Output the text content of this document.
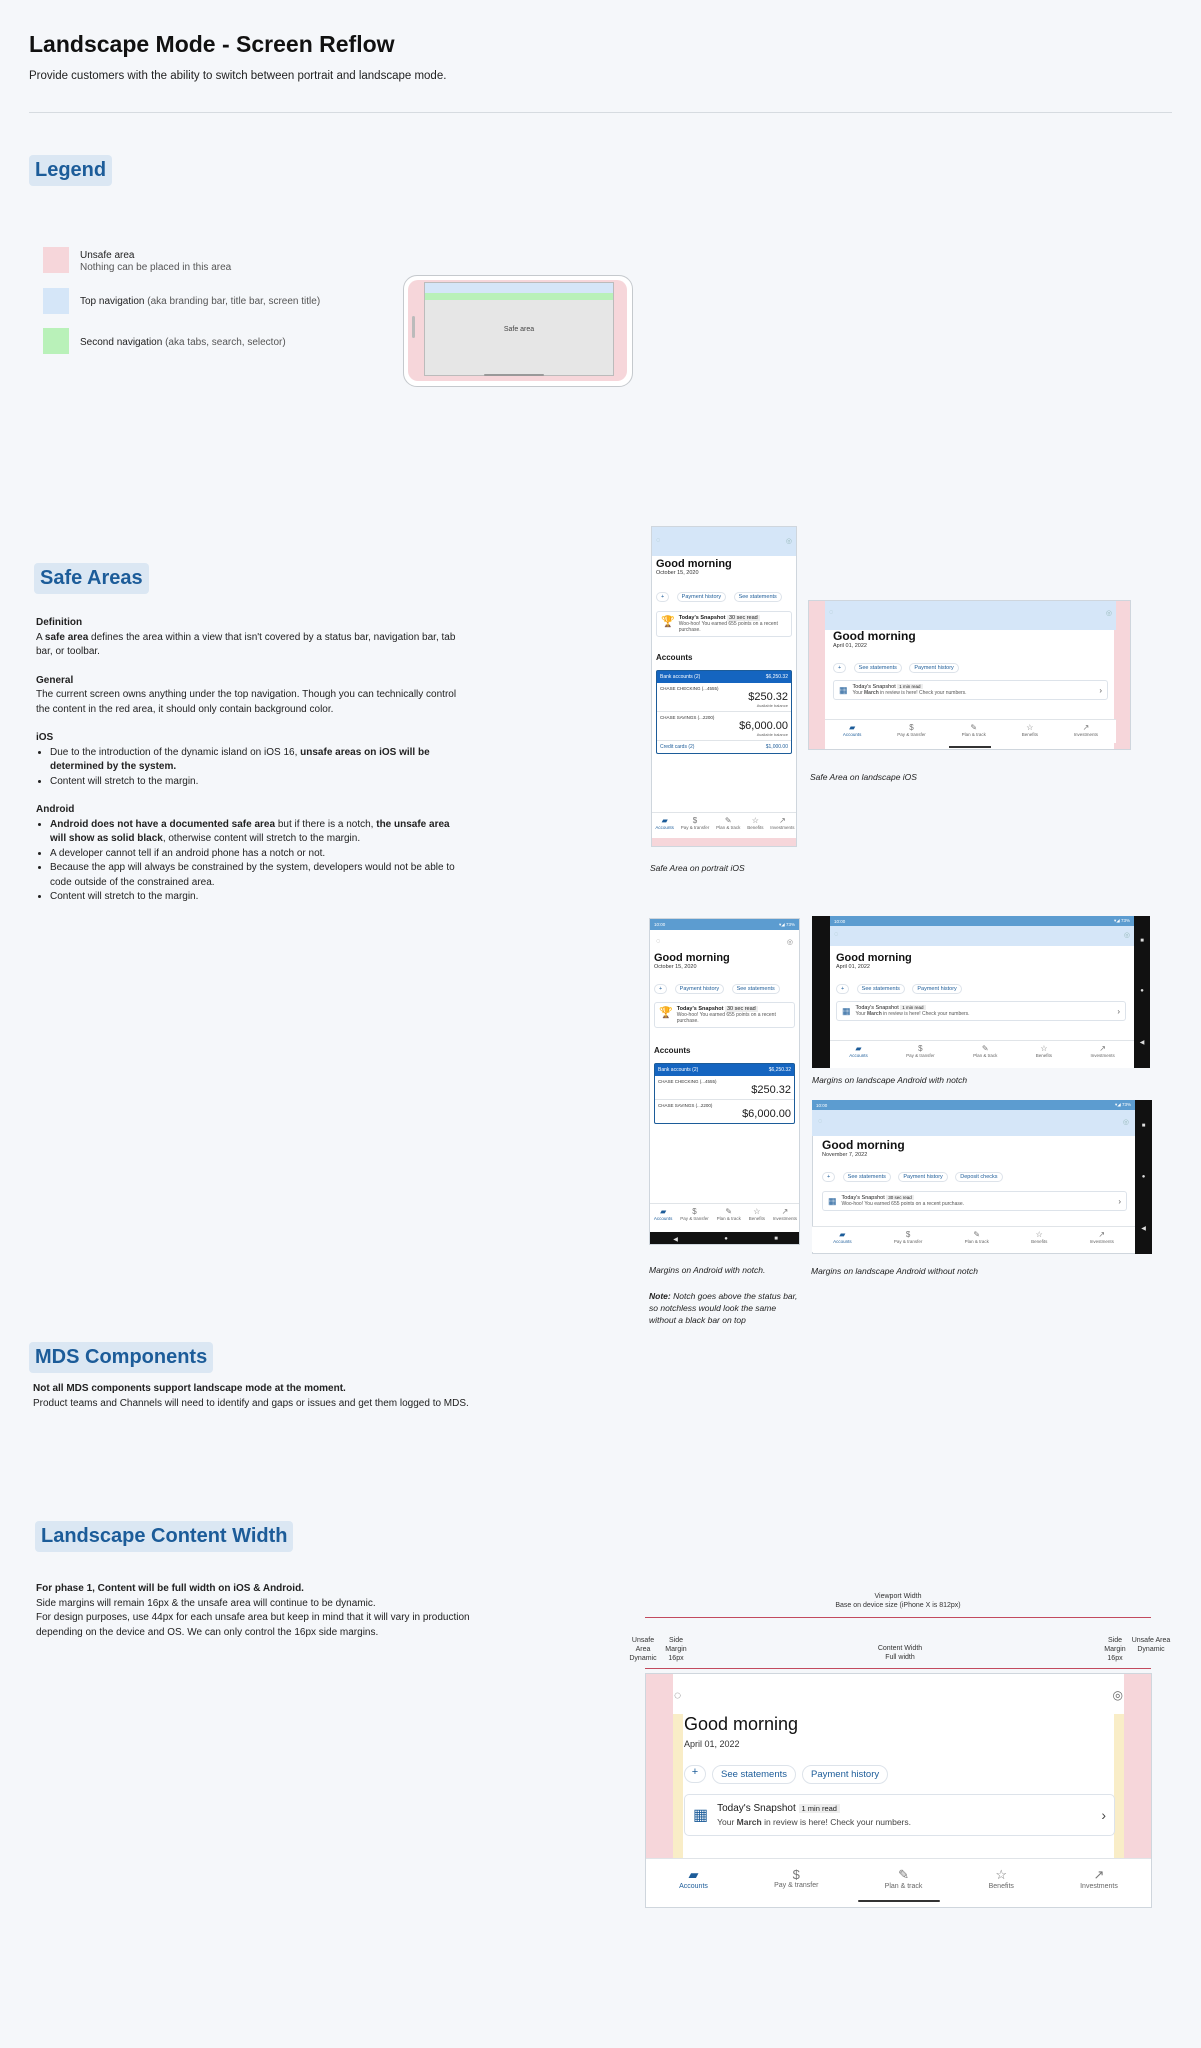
Landscape Mode - Screen Reflow
Provide customers with the ability to switch between portrait and landscape mode.
Legend
Unsafe area
Nothing can be placed in this area
Top navigation (aka branding bar, title bar, screen title)
Second navigation (aka tabs, search, selector)
Safe area
Safe Areas
Definition
A safe area defines the area within a view that isn't covered by a status bar, navigation bar, tab bar, or toolbar.
General
The current screen owns anything under the top navigation. Though you can technically control the content in the red area, it should only contain background color.
iOS
• Due to the introduction of the dynamic island on iOS 16, unsafe areas on iOS will be determined by the system.
• Content will stretch to the margin.
Android
• Android does not have a documented safe area but if there is a notch, the unsafe area will show as solid black, otherwise content will stretch to the margin.
• A developer cannot tell if an android phone has a notch or not.
• Because the app will always be constrained by the system, developers would not be able to code outside of the constrained area.
• Content will stretch to the margin.
◌	◎
Good morning
October 15, 2020
+	Payment history	See statements
🏆 Today's Snapshot 30 sec read
Woo-hoo! You earned 655 points on a recent purchase.
Accounts
Bank accounts (2)	$6,250.32
CHASE CHECKING (...4555)
$250.32
Available balance
CHASE SAVINGS (...2200)
$6,000.00
Available balance
Credit cards (2)	$1,000.00
▰
Accounts
$
Pay & transfer
✎
Plan & track
☆
Benefits
↗
Investments
Safe Area on portrait iOS
◌	◎
Good morning
April 01, 2022
+	See statements	Payment history
▦ Today's Snapshot 1 min read
Your March in review is here! Check your numbers.	›
▰
Accounts
$
Pay & transfer
✎
Plan & track
☆
Benefits
↗
Investments
Safe Area on landscape iOS
10:00	▾◢ 73%
◌	◎
Good morning
October 15, 2020
+	Payment history	See statements
🏆 Today's Snapshot 30 sec read
Woo-hoo! You earned 655 points on a recent purchase.
Accounts
Bank accounts (2)	$6,250.32
CHASE CHECKING (...4555)
$250.32
CHASE SAVINGS (...2200)
$6,000.00
▰
Accounts
$
Pay & transfer
✎
Plan & track
☆
Benefits
↗
Investments
◀	●	■
Margins on Android with notch.
Note: Notch goes above the status bar, so notchless would look the same without a black bar on top
■
●
◀
10:00	▾◢ 73%
◌	◎
Good morning
April 01, 2022
+	See statements	Payment history
▦ Today's Snapshot 1 min read
Your March in review is here! Check your numbers.	›
▰
Accounts
$
Pay & transfer
✎
Plan & track
☆
Benefits
↗
Investments
Margins on landscape Android with notch
■
●
◀
10:00	▾◢ 73%
◌	◎
Good morning
November 7, 2022
+	See statements	Payment history	Deposit checks
▦ Today's Snapshot 30 sec read
Woo-hoo! You earned 655 points on a recent purchase.	›
▰
Accounts
$
Pay & transfer
✎
Plan & track
☆
Benefits
↗
Investments
Margins on landscape Android without notch
MDS Components
Not all MDS components support landscape mode at the moment.
Product teams and Channels will need to identify and gaps or issues and get them logged to MDS.
Landscape Content Width
For phase 1, Content will be full width on iOS & Android.
Side margins will remain 16px & the unsafe area will continue to be dynamic.
For design purposes, use 44px for each unsafe area but keep in mind that it will vary in production depending on the device and OS. We can only control the 16px side margins.
Viewport Width
Base on device size (iPhone X is 812px)
Unsafe Area
Dynamic
Side Margin
16px
Content Width
Full width
Side Margin
16px
Unsafe Area
Dynamic
◌	◎
Good morning
April 01, 2022
+	See statements	Payment history
▦ Today's Snapshot 1 min read
Your March in review is here! Check your numbers.	›
▰
Accounts
$
Pay & transfer
✎
Plan & track
☆
Benefits
↗
Investments
